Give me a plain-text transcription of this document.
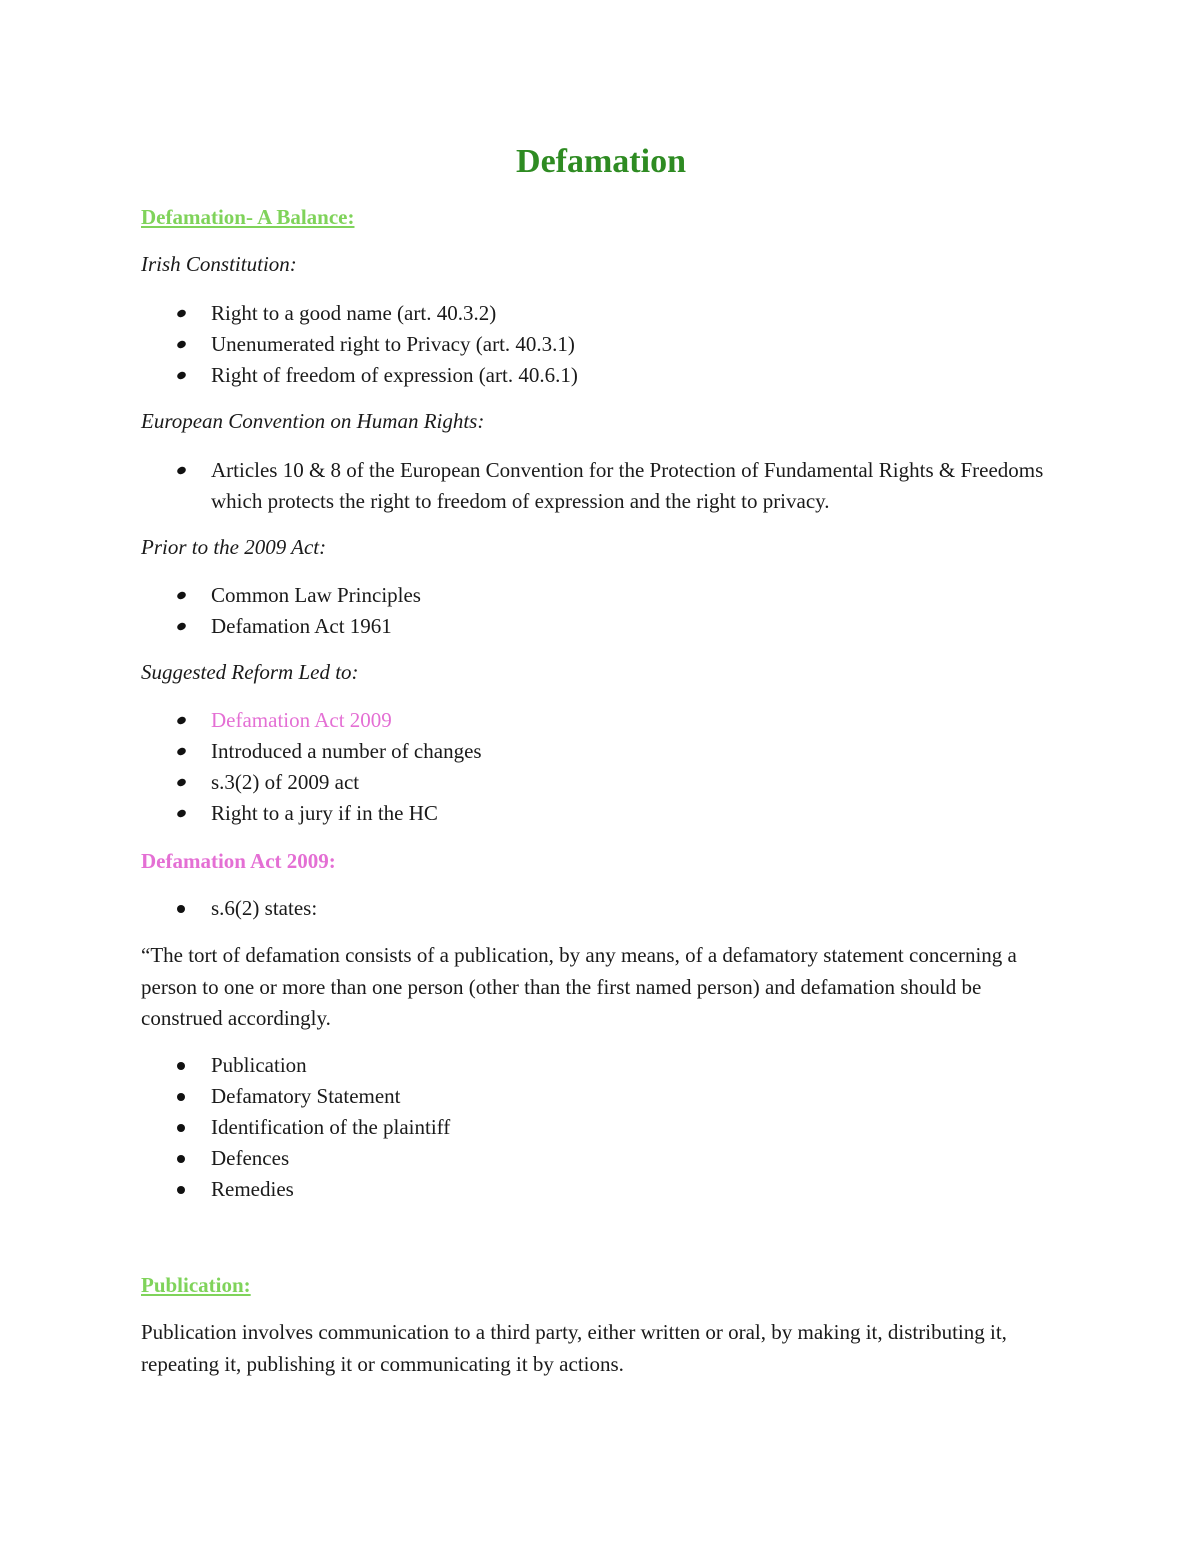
Defamation
Defamation- A Balance:

Irish Constitution:

Right to a good name (art. 40.3.2)
Unenumerated right to Privacy (art. 40.3.1)
Right of freedom of expression (art. 40.6.1)

European Convention on Human Rights:

Articles 10 & 8 of the European Convention for the Protection of Fundamental Rights & Freedoms which protects the right to freedom of expression and the right to privacy.

Prior to the 2009 Act:

Common Law Principles
Defamation Act 1961

Suggested Reform Led to:

Defamation Act 2009
Introduced a number of changes
s.3(2) of 2009 act
Right to a jury if in the HC
Defamation Act 2009:
s.6(2) states:

“The tort of defamation consists of a publication, by any means, of a defamatory statement concerning a person to one or more than one person (other than the first named person) and defamation should be construed accordingly.

Publication
Defamatory Statement
Identification of the plaintiff
Defences
Remedies
Publication:

Publication involves communication to a third party, either written or oral, by making it, distributing it, repeating it, publishing it or communicating it by actions.
